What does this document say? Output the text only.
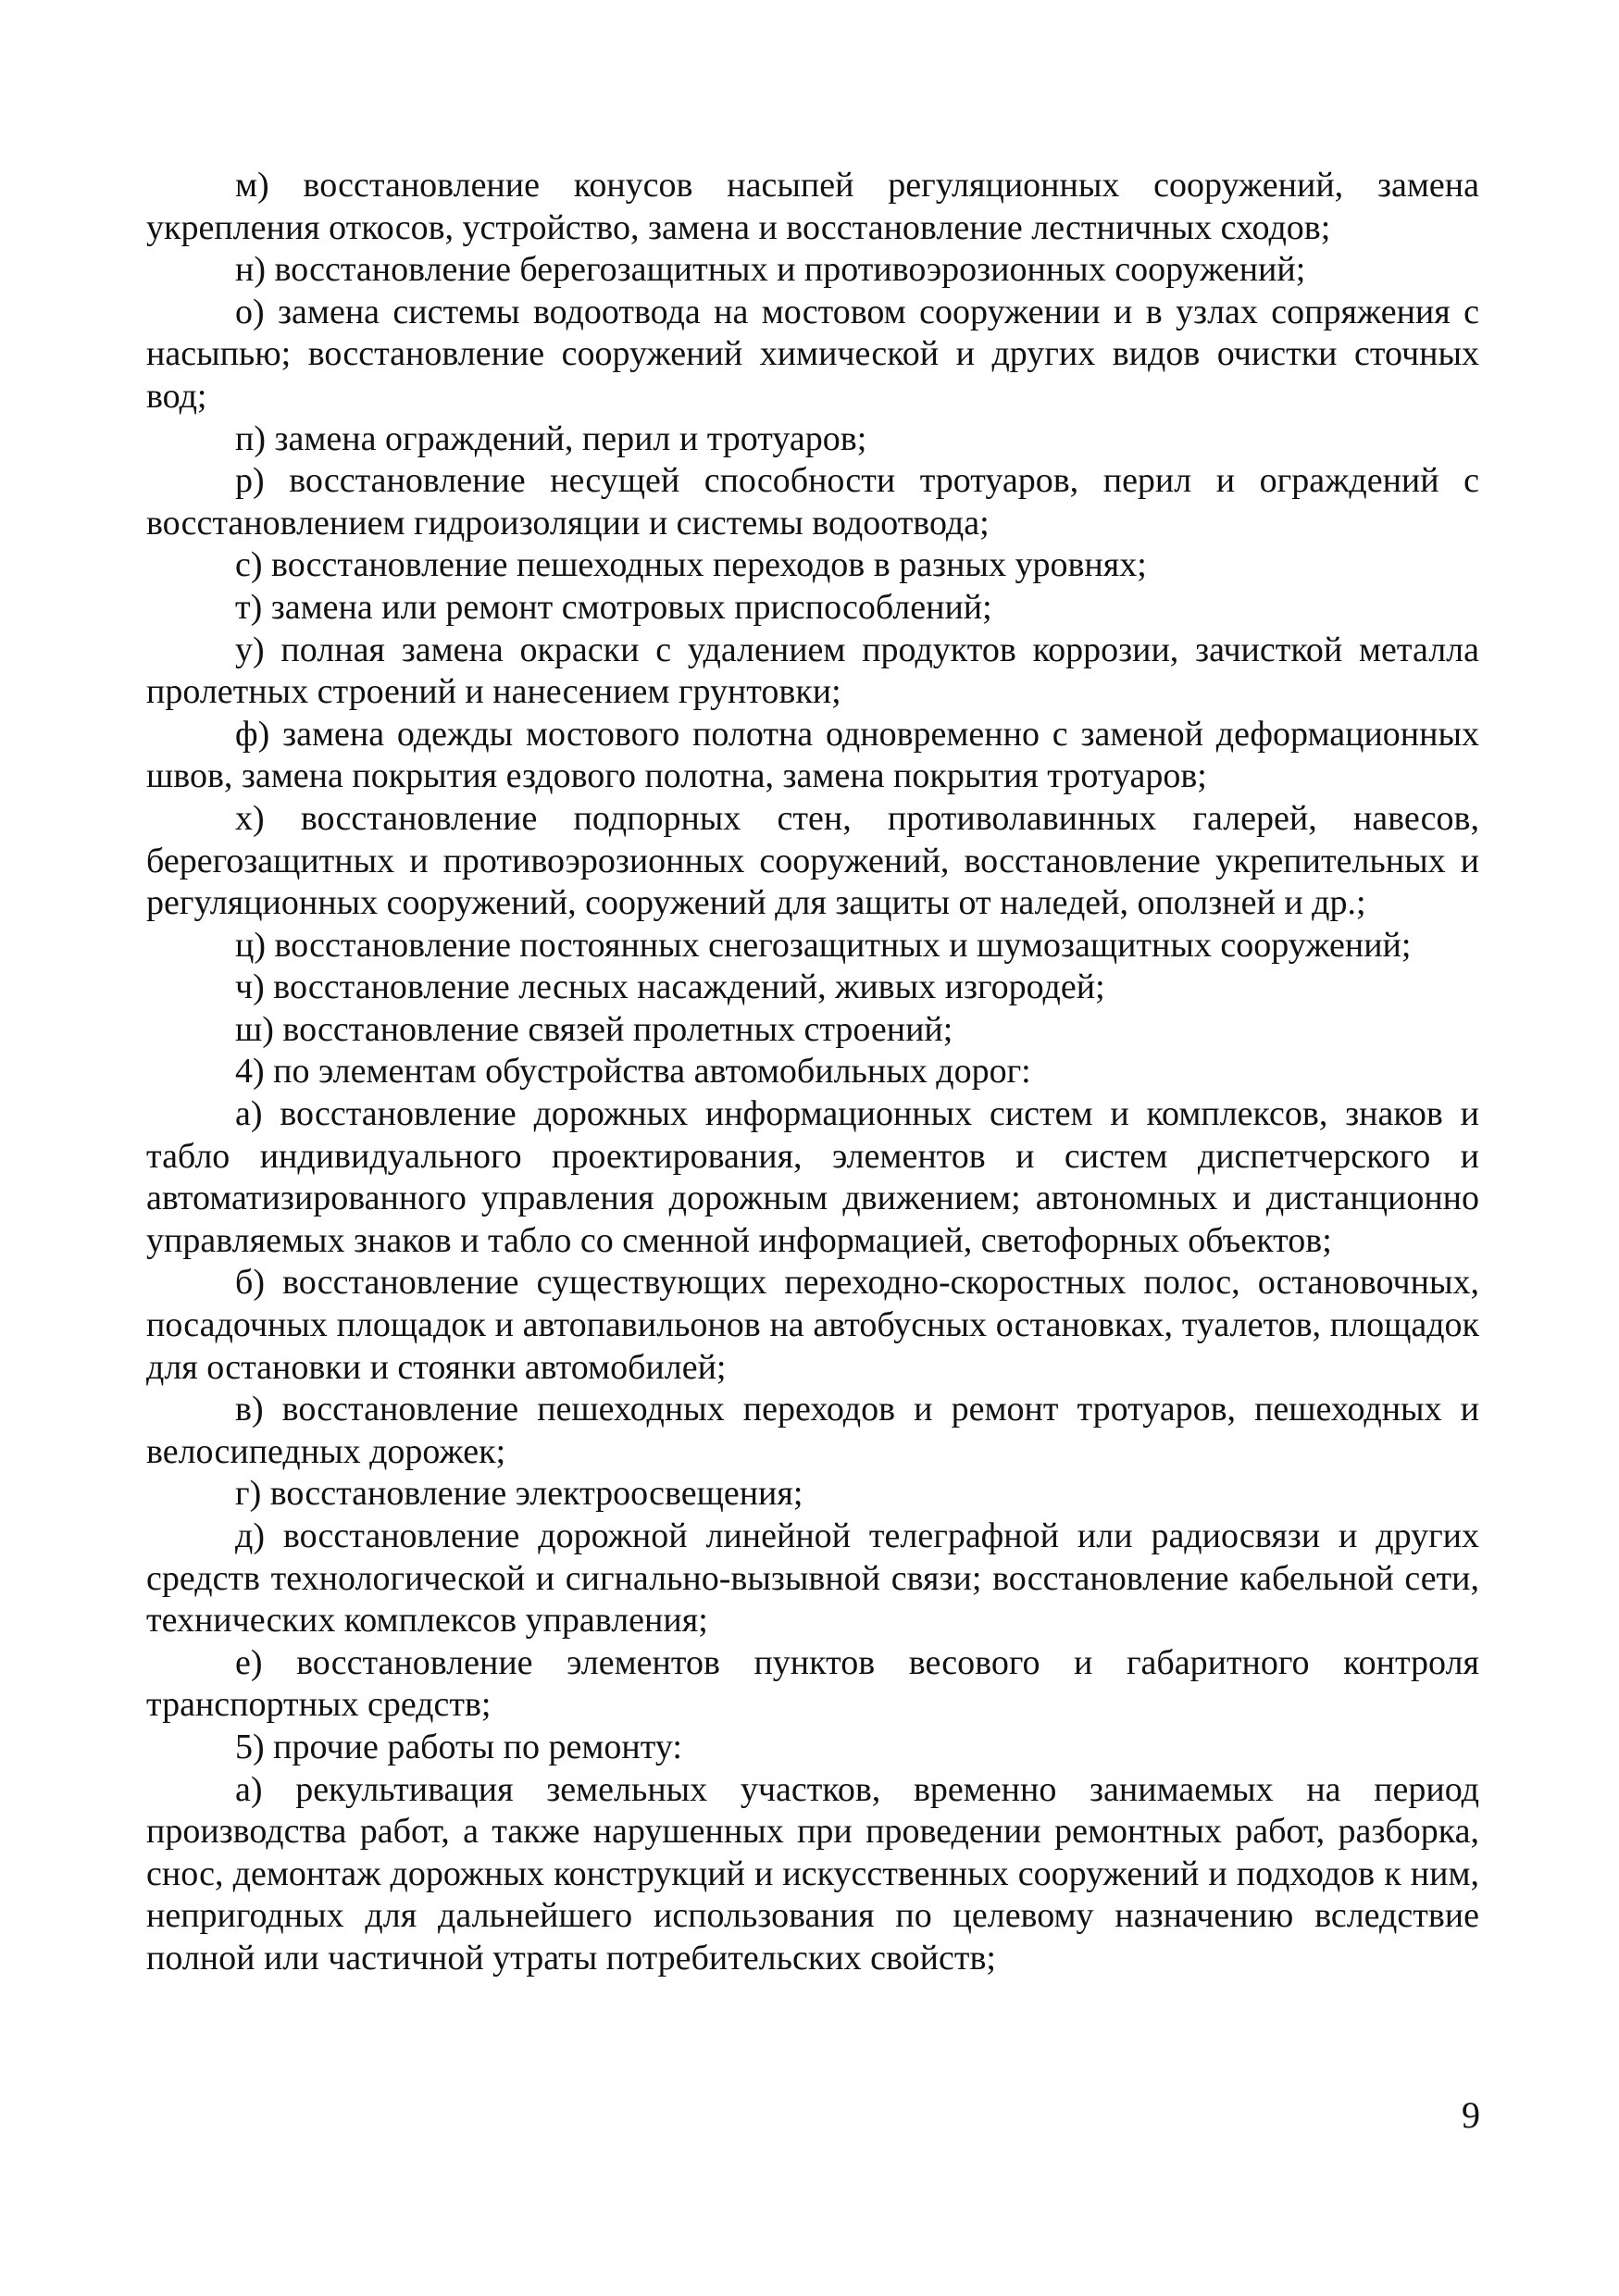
м) восстановление конусов насыпей регуляционных сооружений, замена укрепления откосов, устройство, замена и восстановление лестничных сходов;

н) восстановление берегозащитных и противоэрозионных сооружений;

о) замена системы водоотвода на мостовом сооружении и в узлах сопряжения с насыпью; восстановление сооружений химической и других видов очистки сточных вод;

п) замена ограждений, перил и тротуаров;

р) восстановление несущей способности тротуаров, перил и ограждений с восстановлением гидроизоляции и системы водоотвода;

с) восстановление пешеходных переходов в разных уровнях;

т) замена или ремонт смотровых приспособлений;

у) полная замена окраски с удалением продуктов коррозии, зачисткой металла пролетных строений и нанесением грунтовки;

ф) замена одежды мостового полотна одновременно с заменой деформационных швов, замена покрытия ездового полотна, замена покрытия тротуаров;

х) восстановление подпорных стен, противолавинных галерей, навесов, берегозащитных и противоэрозионных сооружений, восстановление укрепительных и регуляционных сооружений, сооружений для защиты от наледей, оползней и др.;

ц) восстановление постоянных снегозащитных и шумозащитных сооружений;

ч) восстановление лесных насаждений, живых изгородей;

ш) восстановление связей пролетных строений;

4) по элементам обустройства автомобильных дорог:

а) восстановление дорожных информационных систем и комплексов, знаков и табло индивидуального проектирования, элементов и систем диспетчерского и автоматизированного управления дорожным движением; автономных и дистанционно управляемых знаков и табло со сменной информацией, светофорных объектов;

б) восстановление существующих переходно-скоростных полос, остановочных, посадочных площадок и автопавильонов на автобусных остановках, туалетов, площадок для остановки и стоянки автомобилей;

в) восстановление пешеходных переходов и ремонт тротуаров, пешеходных и велосипедных дорожек;

г) восстановление электроосвещения;

д) восстановление дорожной линейной телеграфной или радиосвязи и других средств технологической и сигнально-вызывной связи; восстановление кабельной сети, технических комплексов управления;

е) восстановление элементов пунктов весового и габаритного контроля транспортных средств;

5) прочие работы по ремонту:

а) рекультивация земельных участков, временно занимаемых на период производства работ, а также нарушенных при проведении ремонтных работ, разборка, снос, демонтаж дорожных конструкций и искусственных сооружений и подходов к ним, непригодных для дальнейшего использования по целевому назначению вследствие полной или частичной утраты потребительских свойств;

9
